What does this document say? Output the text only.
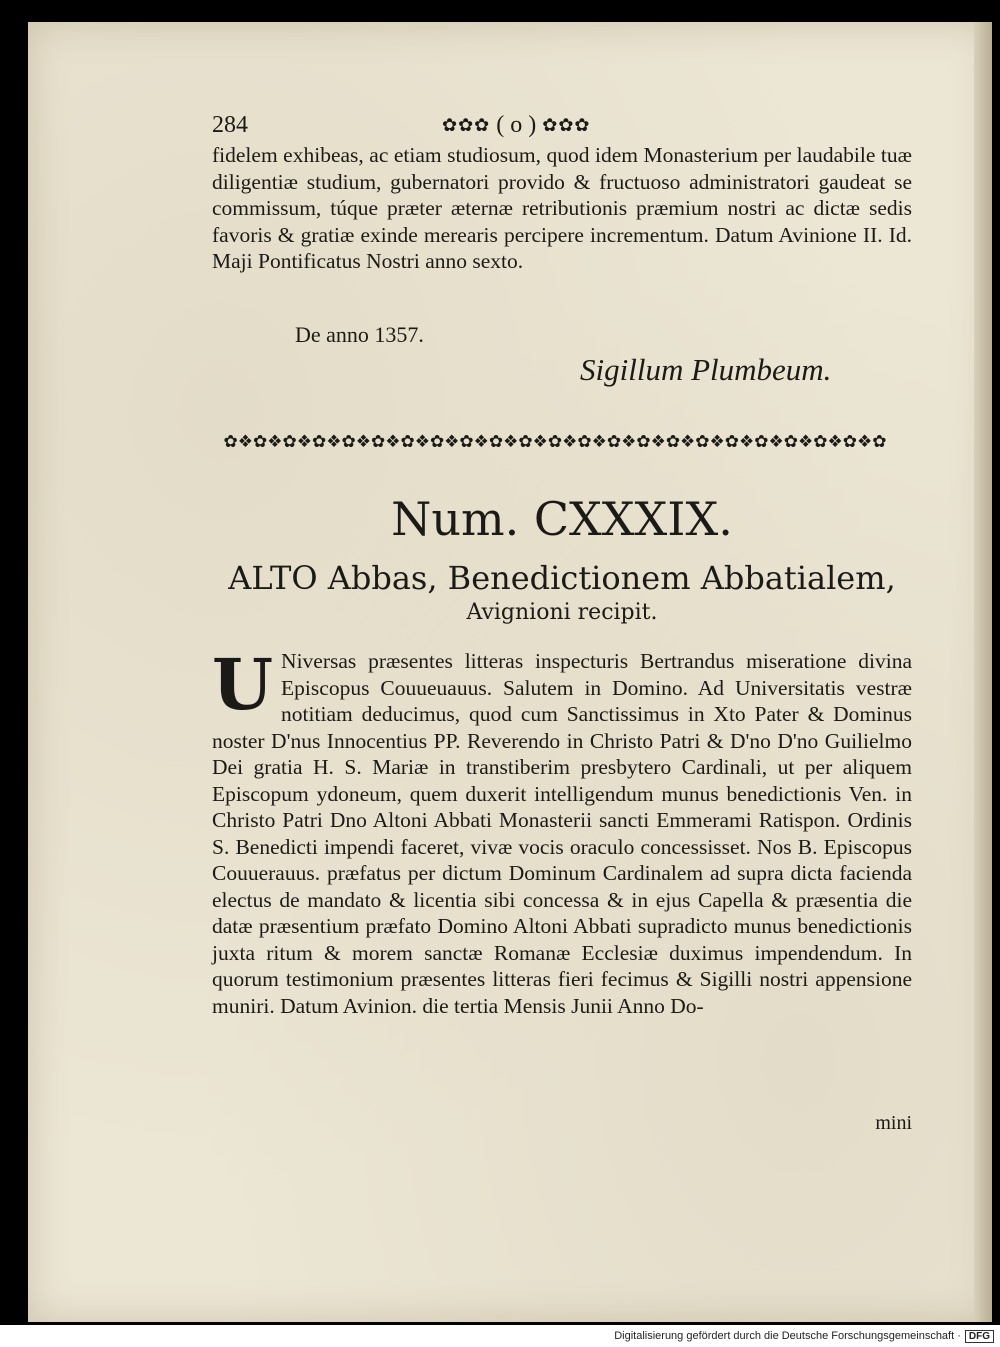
284	✿✿✿ ( o ) ✿✿✿
fidelem exhibeas, ac etiam studiosum, quod idem Monasterium per laudabile tuæ diligentiæ studium, gubernatori provido & fructuoso administratori gaudeat se commissum, túque præter æternæ retributionis præmium nostri ac dictæ sedis favoris & gratiæ exinde merearis percipere incrementum. Datum Avinione II. Id. Maji Pontificatus Nostri anno sexto.
De anno 1357.
Sigillum Plumbeum.
✿❖✿❖✿❖✿❖✿❖✿❖✿❖✿❖✿❖✿❖✿❖✿❖✿❖✿❖✿❖✿❖✿❖✿❖✿❖✿❖✿❖✿❖✿
Num. CXXXIX.
ALTO Abbas, Benedictionem Abbatialem,
Avignioni recipit.
U Niversas præsentes litteras inspecturis Bertrandus miseratione divina Episcopus Couueuauus. Salutem in Domino. Ad Universitatis vestræ notitiam deducimus, quod cum Sanctissimus in Xto Pater & Dominus noster D'nus Innocentius PP. Reverendo in Christo Patri & D'no D'no Guilielmo Dei gratia H. S. Mariæ in transtiberim presbytero Cardinali, ut per aliquem Episcopum ydoneum, quem duxerit intelligendum munus benedictionis Ven. in Christo Patri Dno Altoni Abbati Monasterii sancti Emmerami Ratispon. Ordinis S. Benedicti impendi faceret, vivæ vocis oraculo concessisset. Nos B. Episcopus Couuerauus. præfatus per dictum Dominum Cardinalem ad supra dicta facienda electus de mandato & licentia sibi concessa & in ejus Capella & præsentia die datæ præsentium præfato Domino Altoni Abbati supradicto munus benedictionis juxta ritum & morem sanctæ Romanæ Ecclesiæ duximus impendendum. In quorum testimonium præsentes litteras fieri fecimus & Sigilli nostri appensione muniri. Datum Avinion. die tertia Mensis Junii Anno Do-
mini
Digitalisierung gefördert durch die Deutsche Forschungsgemeinschaft · DFG
